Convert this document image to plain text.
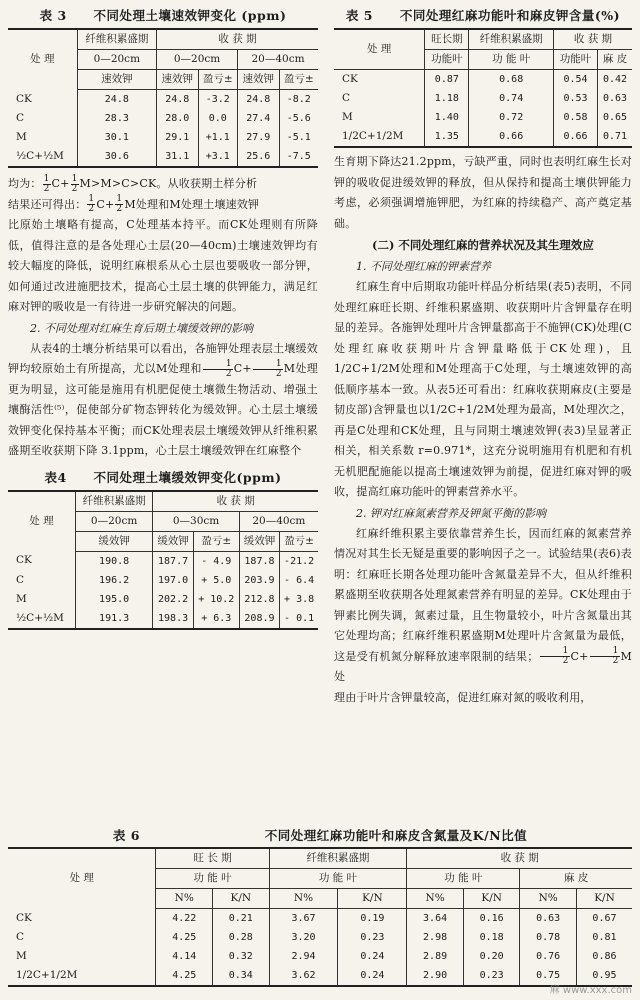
表 3 不同处理土壤速效钾变化 (ppm)
处 理	纤维积累盛期	收 获 期			
	0—20cm	0—20cm		20—40cm	
	速效钾	速效钾	盈亏±	速效钾	盈亏±
CK	24.8	24.8	-3.2	24.8	-8.2
C	28.3	28.0	0.0	27.4	-5.6
M	30.1	29.1	+1.1	27.9	-5.1
½C+½M	30.6	31.1	+3.1	25.6	-7.5

均为： $\frac{1}{2} C+ \frac{1}{2} M>M>C>CK$。从收获期土样分析

结果还可得出： $\frac{1}{2} C+ \frac{1}{2}$ M处理和M处理土壤速效钾

比原始土壤略有提高，C处理基本持平。而CK处理则有所降低，值得注意的是各处理心土层(20—40cm)土壤速效钾均有较大幅度的降低，说明红麻根系从心土层也要吸收一部分钾，如何通过改进施肥技术，提高心土层土壤的供钾能力，满足红麻对钾的吸收是一有待进一步研究解决的问题。

2. 不同处理对红麻生育后期土壤缓效钾的影响

从表4的土壤分析结果可以看出，各施钾处理表层土壤缓效钾均较原始土有所提高，尤以M处理和 $\frac{1}{2} C+ \frac{1}{2}$ M处理更为明显，这可能是施用有机肥促使土壤微生物活动、增强土壤酶活性⁽⁵⁾，促使部分矿物态钾转化为缓效钾。心土层土壤缓效钾变化保持基本平衡；而CK处理表层土壤缓效钾从纤维积累盛期至收获期下降 3.1ppm，心土层土壤缓效钾在红麻整个

表4 不同处理土壤缓效钾变化(ppm)
处 理	纤维积累盛期	收 获 期			
	0—20cm	0—30cm		20—40cm	
	缓效钾	缓效钾	盈亏±	缓效钾	盈亏±
CK	190.8	187.7	- 4.9	187.8	-21.2
C	196.2	197.0	+ 5.0	203.9	- 6.4
M	195.0	202.2	+ 10.2	212.8	+ 3.8
½C+½M	191.3	198.3	+ 6.3	208.9	- 0.1
表 5 不同处理红麻功能叶和麻皮钾含量(%)
处 理	旺长期	纤维积累盛期	收 获 期	
	功能叶	功 能 叶	功能叶	麻 皮
CK	0.87	0.68	0.54	0.42
C	1.18	0.74	0.53	0.63
M	1.40	0.72	0.58	0.65
1/2C+1/2M	1.35	0.66	0.66	0.71

生育期下降达21.2ppm，亏缺严重，同时也表明红麻生长对钾的吸收促进缓效钾的释放，但从保持和提高土壤供钾能力考虑，必须强调增施钾肥，为红麻的持续稳产、高产奠定基础。

(二) 不同处理红麻的营养状况及其生理效应

1. 不同处理红麻的钾素营养

红麻生育中后期取功能叶样品分析结果(表5)表明，不同处理红麻旺长期、纤维积累盛期、收获期叶片含钾量存在明显的差异。各施钾处理叶片含钾量都高于不施钾(CK)处理(C处理红麻收获期叶片含钾量略低于CK处理)，且1/2C+1/2M处理和M处理高于C处理，与土壤速效钾的高低顺序基本一致。从表5还可看出：红麻收获期麻皮(主要是韧皮部)含钾量也以1/2C+1/2M处理为最高，M处理次之，再是C处理和CK处理，且与同期土壤速效钾(表3)呈显著正相关，相关系数 r=0.971*，这充分说明施用有机肥和有机无机肥配施能以提高土壤速效钾为前提，促进红麻对钾的吸收，提高红麻功能叶的钾素营养水平。

2. 钾对红麻氮素营养及钾氮平衡的影响

红麻纤维积累主要依靠营养生长，因而红麻的氮素营养情况对其生长无疑是重要的影响因子之一。试验结果(表6)表明：红麻旺长期各处理功能叶含氮量差异不大，但从纤维积累盛期至收获期各处理氮素营养有明显的差异。CK处理由于钾素比例失调，氮素过量，且生物量较小，叶片含氮量出其它处理均高；红麻纤维积累盛期M处理叶片含氮量为最低，这是受有机氮分解释放速率限制的结果； $\frac{1}{2} C+ \frac{1}{2}$ M处

理由于叶片含钾量较高，促进红麻对氮的吸收利用，

表 6	不同处理红麻功能叶和麻皮含氮量及K/N比值
处 理	旺 长 期		纤维积累盛期		收 获 期			
	功 能 叶		功 能 叶		功 能 叶		麻 皮	
	N%	K/N	N%	K/N	N%	K/N	N%	K/N
CK	4.22	0.21	3.67	0.19	3.64	0.16	0.63	0.67
C	4.25	0.28	3.20	0.23	2.98	0.18	0.78	0.81
M	4.14	0.32	2.94	0.24	2.89	0.20	0.76	0.86
1/2C+1/2M	4.25	0.34	3.62	0.24	2.90	0.23	0.75	0.95
麻 www.xxx.com
